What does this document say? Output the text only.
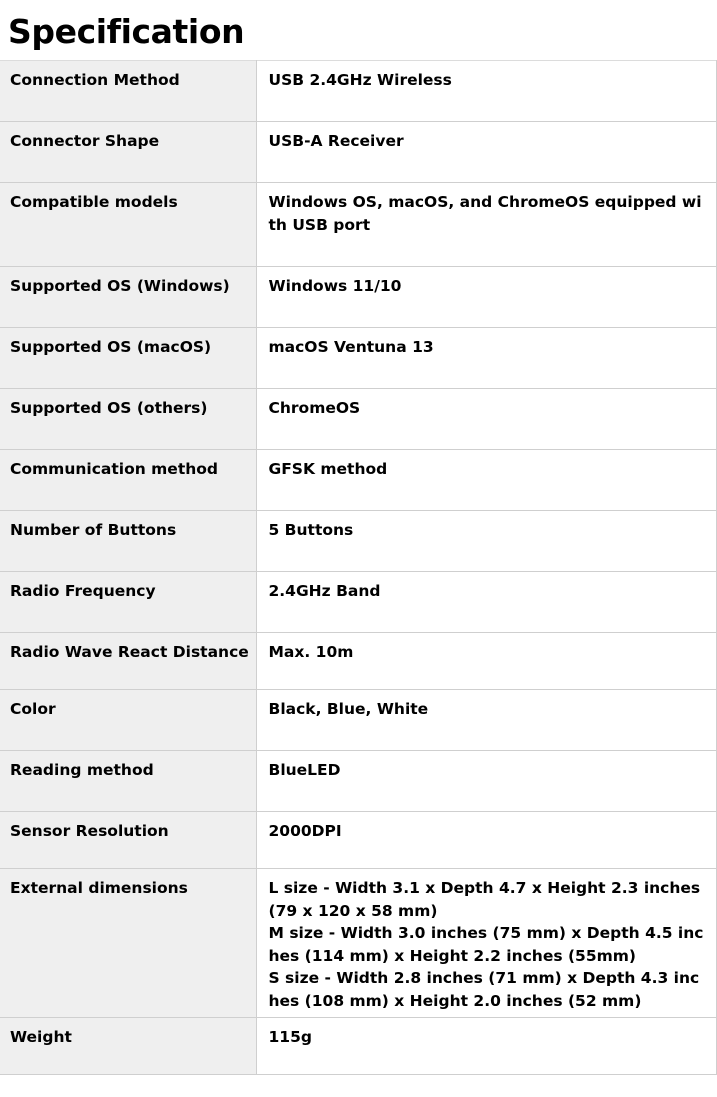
Specification
Connection Method	USB 2.4GHz Wireless
Connector Shape	USB-A Receiver
Compatible models	Windows OS, macOS, and ChromeOS equipped with USB port
Supported OS (Windows)	Windows 11/10
Supported OS (macOS)	macOS Ventuna 13
Supported OS (others)	ChromeOS
Communication method	GFSK method
Number of Buttons	5 Buttons
Radio Frequency	2.4GHz Band
Radio Wave React Distance	Max. 10m
Color	Black, Blue, White
Reading method	BlueLED
Sensor Resolution	2000DPI
External dimensions	L size - Width 3.1 x Depth 4.7 x Height 2.3 inches (79 x 120 x 58 mm)
M size - Width 3.0 inches (75 mm) x Depth 4.5 inches (114 mm) x Height 2.2 inches (55mm)
S size - Width 2.8 inches (71 mm) x Depth 4.3 inches (108 mm) x Height 2.0 inches (52 mm)

Weight	115g
